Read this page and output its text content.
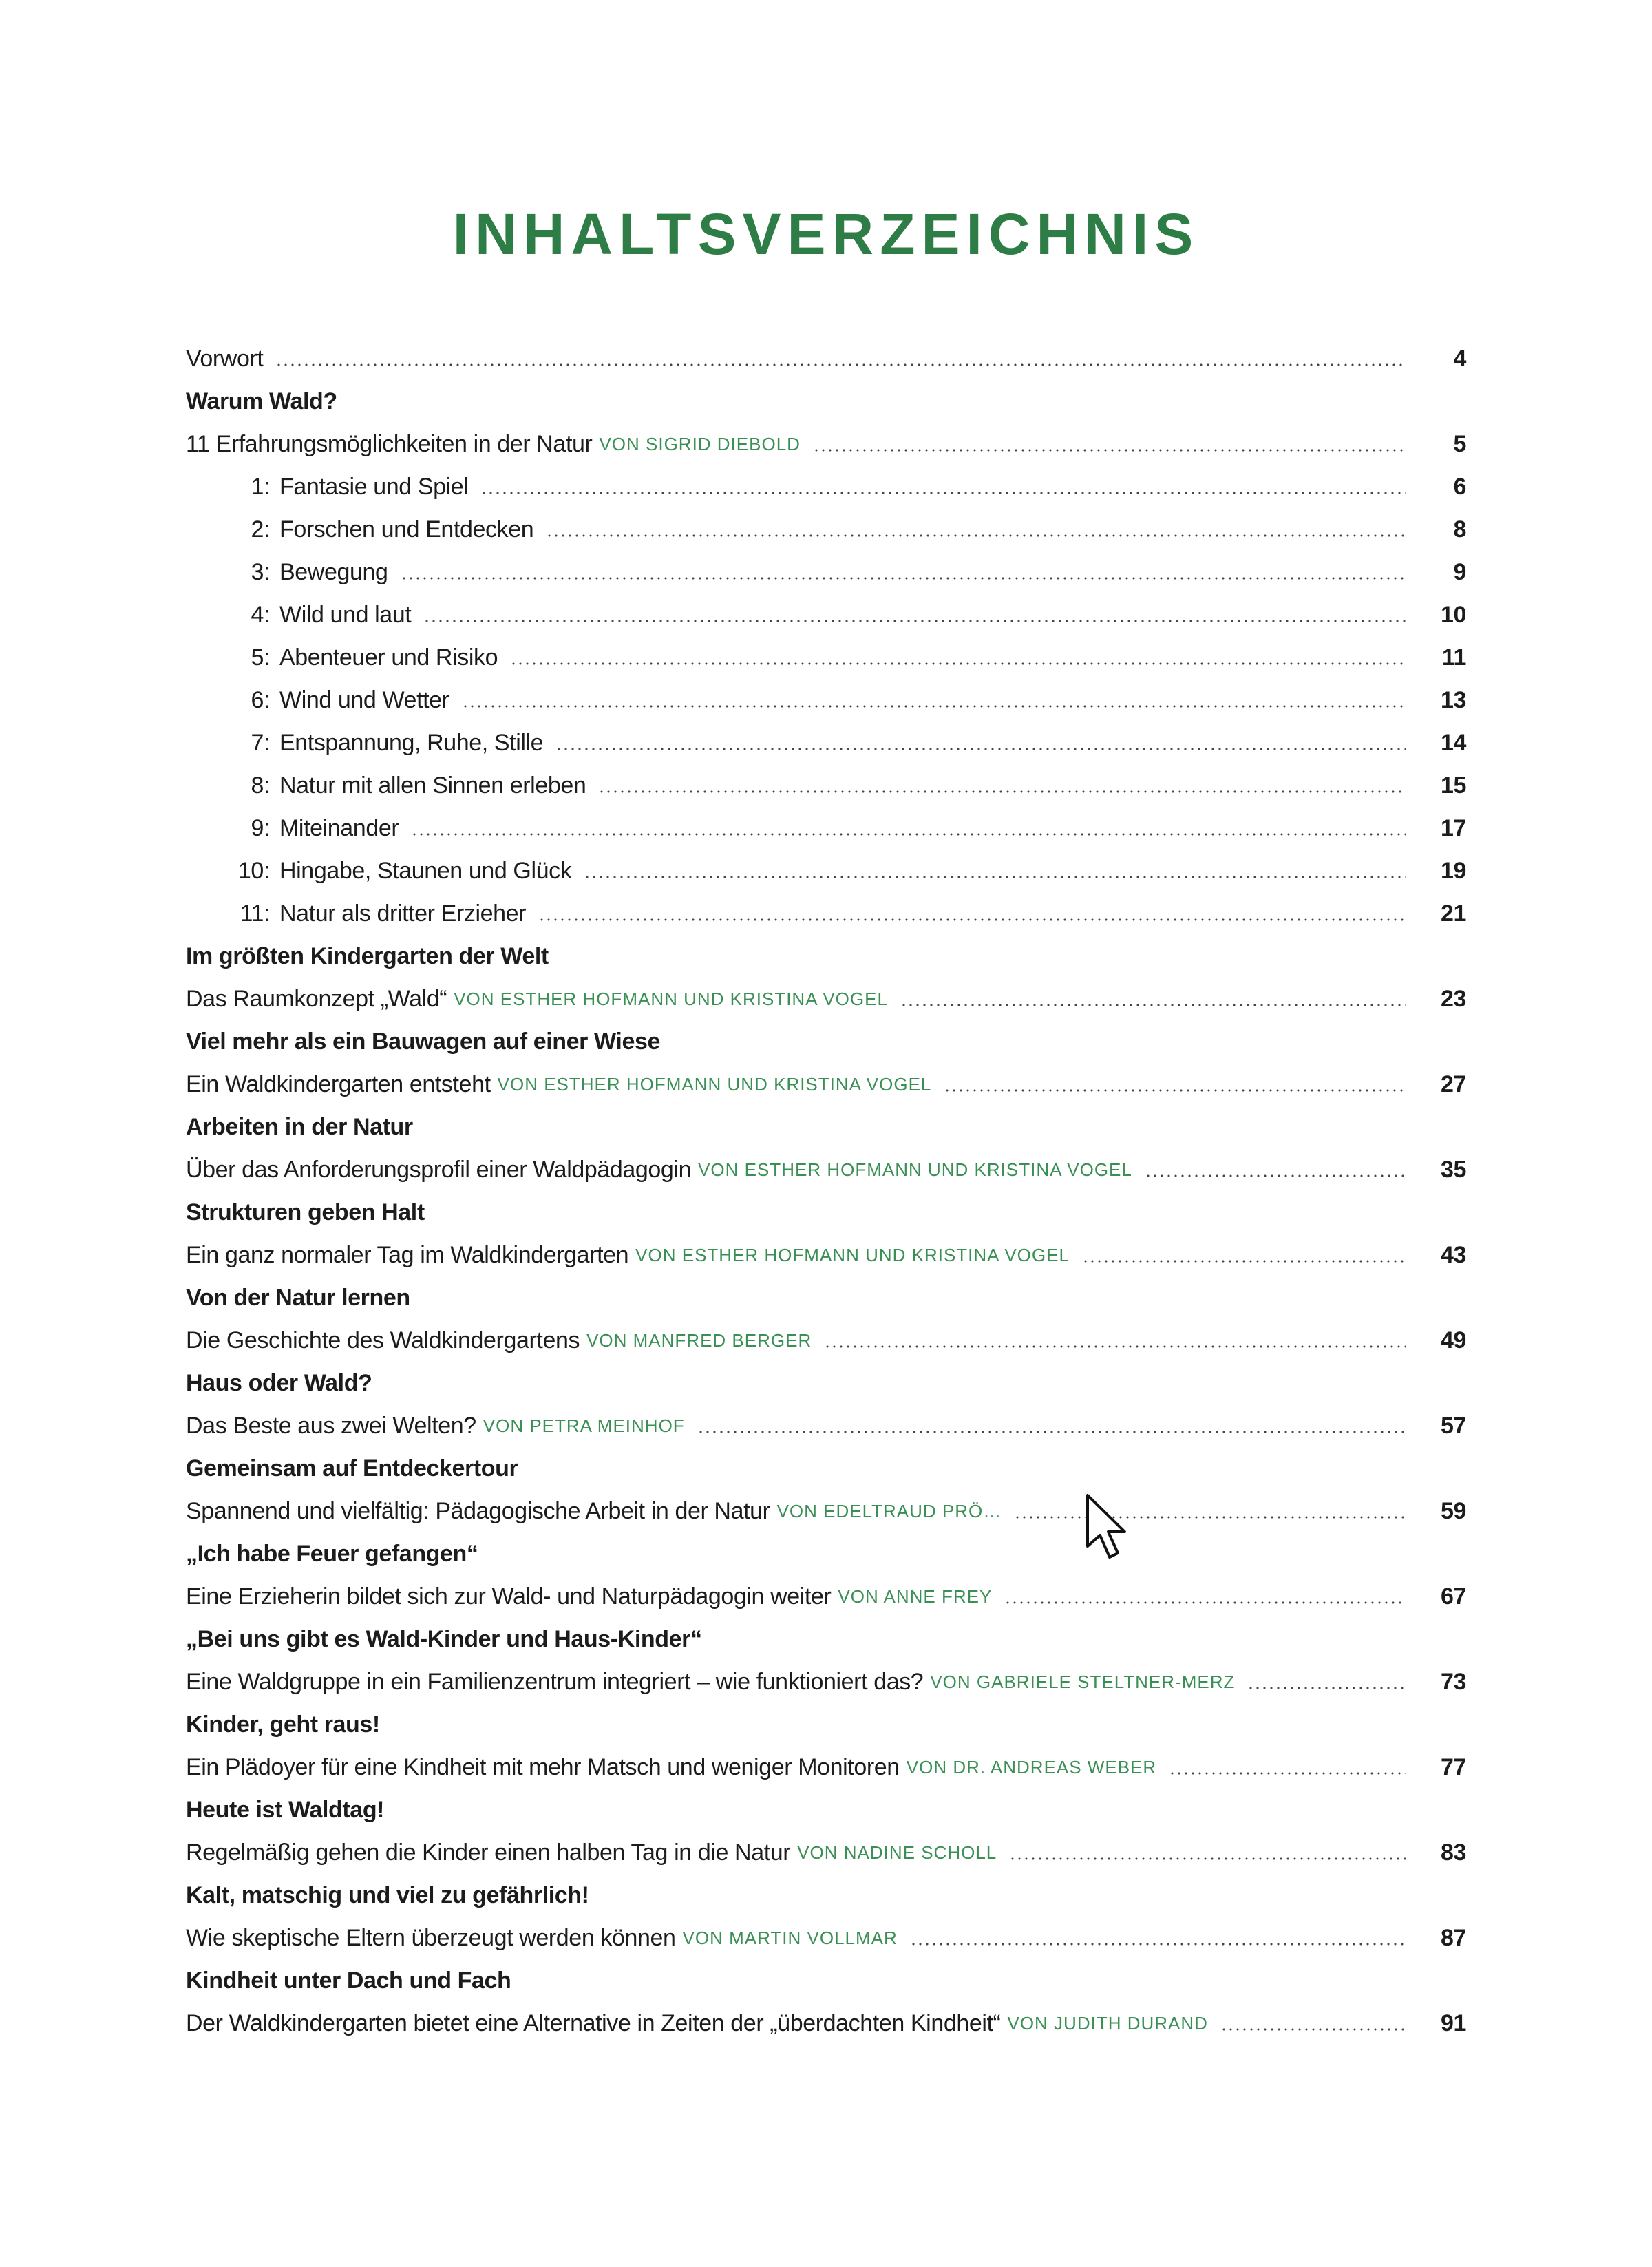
INHALTSVERZEICHNIS
Vorwort	4
Warum Wald?
11 Erfahrungsmöglichkeiten in der Natur VON SIGRID DIEBOLD	5
1: Fantasie und Spiel	6
2: Forschen und Entdecken	8
3: Bewegung	9
4: Wild und laut	10
5: Abenteuer und Risiko	11
6: Wind und Wetter	13
7: Entspannung, Ruhe, Stille	14
8: Natur mit allen Sinnen erleben	15
9: Miteinander	17
10: Hingabe, Staunen und Glück	19
11: Natur als dritter Erzieher	21
Im größten Kindergarten der Welt
Das Raumkonzept „Wald“ VON ESTHER HOFMANN UND KRISTINA VOGEL	23
Viel mehr als ein Bauwagen auf einer Wiese
Ein Waldkindergarten entsteht VON ESTHER HOFMANN UND KRISTINA VOGEL	27
Arbeiten in der Natur
Über das Anforderungsprofil einer Waldpädagogin VON ESTHER HOFMANN UND KRISTINA VOGEL	35
Strukturen geben Halt
Ein ganz normaler Tag im Waldkindergarten VON ESTHER HOFMANN UND KRISTINA VOGEL	43
Von der Natur lernen
Die Geschichte des Waldkindergartens VON MANFRED BERGER	49
Haus oder Wald?
Das Beste aus zwei Welten? VON PETRA MEINHOF	57
Gemeinsam auf Entdeckertour
Spannend und vielfältig: Pädagogische Arbeit in der Natur VON EDELTRAUD PRÖ…	59
„Ich habe Feuer gefangen“
Eine Erzieherin bildet sich zur Wald- und Naturpädagogin weiter VON ANNE FREY	67
„Bei uns gibt es Wald-Kinder und Haus-Kinder“
Eine Waldgruppe in ein Familienzentrum integriert – wie funktioniert das? VON GABRIELE STELTNER-MERZ	73
Kinder, geht raus!
Ein Plädoyer für eine Kindheit mit mehr Matsch und weniger Monitoren VON DR. ANDREAS WEBER	77
Heute ist Waldtag!
Regelmäßig gehen die Kinder einen halben Tag in die Natur VON NADINE SCHOLL	83
Kalt, matschig und viel zu gefährlich!
Wie skeptische Eltern überzeugt werden können VON MARTIN VOLLMAR	87
Kindheit unter Dach und Fach
Der Waldkindergarten bietet eine Alternative in Zeiten der „überdachten Kindheit“ VON JUDITH DURAND	91
